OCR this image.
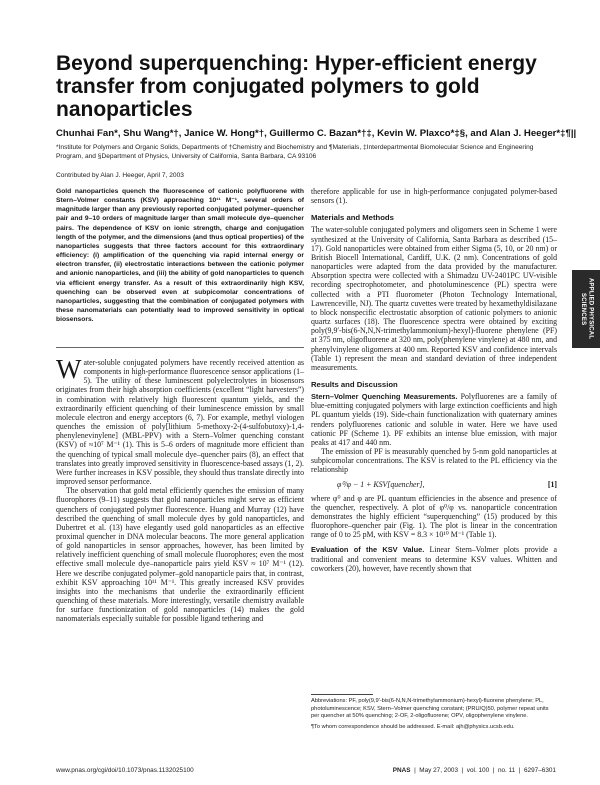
Beyond superquenching: Hyper-efficient energy transfer from conjugated polymers to gold nanoparticles
Chunhai Fan*, Shu Wang*†, Janice W. Hong*†, Guillermo C. Bazan*†‡, Kevin W. Plaxco*‡§, and Alan J. Heeger*‡¶||
*Institute for Polymers and Organic Solids, Departments of †Chemistry and Biochemistry and ¶Materials, ‡Interdepartmental Biomolecular Science and Engineering Program, and §Department of Physics, University of California, Santa Barbara, CA 93106
Contributed by Alan J. Heeger, April 7, 2003
Gold nanoparticles quench the fluorescence of cationic polyfluorene with Stern–Volmer constants (KSV) approaching 10¹¹ M⁻¹, several orders of magnitude larger than any previously reported conjugated polymer–quencher pair and 9–10 orders of magnitude larger than small molecule dye–quencher pairs. The dependence of KSV on ionic strength, charge and conjugation length of the polymer, and the dimensions (and thus optical properties) of the nanoparticles suggests that three factors account for this extraordinary efficiency: (i) amplification of the quenching via rapid internal energy or electron transfer, (ii) electrostatic interactions between the cationic polymer and anionic nanoparticles, and (iii) the ability of gold nanoparticles to quench via efficient energy transfer. As a result of this extraordinarily high KSV, quenching can be observed even at subpicomolar concentrations of nanoparticles, suggesting that the combination of conjugated polymers with these nanomaterials can potentially lead to improved sensitivity in optical biosensors.

Water-soluble conjugated polymers have recently received attention as components in high-performance fluorescence sensor applications (1–5). The utility of these luminescent polyelectrolytes in biosensors originates from their high absorption coefficients (excellent “light harvesters”) in combination with relatively high fluorescent quantum yields, and the extraordinarily efficient quenching of their luminescence emission by small molecule electron and energy acceptors (6, 7). For example, methyl viologen quenches the emission of poly[lithium 5-methoxy-2-(4-sulfobutoxy)-1,4-phenylenevinylene] (MBL-PPV) with a Stern–Volmer quenching constant (KSV) of ≈10⁷ M⁻¹ (1). This is 5–6 orders of magnitude more efficient than the quenching of typical small molecule dye–quencher pairs (8), an effect that translates into greatly improved sensitivity in fluorescence-based assays (1, 2). Were further increases in KSV possible, they should thus translate directly into improved sensor performance.

The observation that gold metal efficiently quenches the emission of many fluorophores (9–11) suggests that gold nanoparticles might serve as efficient quenchers of conjugated polymer fluorescence. Huang and Murray (12) have described the quenching of small molecule dyes by gold nanoparticles, and Dubertret et al. (13) have elegantly used gold nanoparticles as an effective proximal quencher in DNA molecular beacons. The more general application of gold nanoparticles in sensor approaches, however, has been limited by relatively inefficient quenching of small molecule fluorophores; even the most effective small molecule dye–nanoparticle pairs yield KSV ≈ 10⁷ M⁻¹ (12). Here we describe conjugated polymer–gold nanoparticle pairs that, in contrast, exhibit KSV approaching 10¹¹ M⁻¹. This greatly increased KSV provides insights into the mechanisms that underlie the extraordinarily efficient quenching of these materials. More interestingly, versatile chemistry available for surface functionization of gold nanoparticles (14) makes the gold nanomaterials especially suitable for possible ligand tethering and

therefore applicable for use in high-performance conjugated polymer-based sensors (1).

Materials and Methods

The water-soluble conjugated polymers and oligomers seen in Scheme 1 were synthesized at the University of California, Santa Barbara as described (15–17). Gold nanoparticles were obtained from either Sigma (5, 10, or 20 nm) or British Biocell International, Cardiff, U.K. (2 nm). Concentrations of gold nanoparticles were adapted from the data provided by the manufacturer. Absorption spectra were collected with a Shimadzu UV-2401PC UV-visible recording spectrophotometer, and photoluminescence (PL) spectra were collected with a PTI fluorometer (Photon Technology International, Lawrenceville, NJ). The quartz cuvettes were treated by hexamethyldisilazane to block nonspecific electrostatic absorption of cationic polymers to anionic quartz surfaces (18). The fluorescence spectra were obtained by exciting poly(9,9′-bis(6-N,N,N-trimethylammonium)-hexyl)-fluorene phenylene (PF) at 375 nm, oligofluorene at 320 nm, poly(phenylene vinylene) at 480 nm, and phenylvinylene oligomers at 400 nm. Reported KSV and confidence intervals (Table 1) represent the mean and standard deviation of three independent measurements.

Results and Discussion

Stern–Volmer Quenching Measurements. Polyfluorenes are a family of blue-emitting conjugated polymers with large extinction coefficients and high PL quantum yields (19). Side-chain functionalization with quaternary amines renders polyfluorenes cationic and soluble in water. Here we have used cationic PF (Scheme 1). PF exhibits an intense blue emission, with major peaks at 417 and 440 nm.

The emission of PF is measurably quenched by 5-nm gold nanoparticles at subpicomolar concentrations. The KSV is related to the PL efficiency via the relationship

φ⁰/φ − 1 + KSV[quencher],	[1]

where φ⁰ and φ are PL quantum efficiencies in the absence and presence of the quencher, respectively. A plot of φ⁰/φ vs. nanoparticle concentration demonstrates the highly efficient “superquenching” (15) produced by this fluorophore–quencher pair (Fig. 1). The plot is linear in the concentration range of 0 to 25 pM, with KSV = 8.3 × 10¹⁰ M⁻¹ (Table 1).

Evaluation of the KSV Value. Linear Stern–Volmer plots provide a traditional and convenient means to determine KSV values. Whitten and coworkers (20), however, have recently shown that

Abbreviations: PF, poly(9,9′-bis(6-N,N,N-trimethylammonium)-hexyl)-fluorene phenylene; PL, photoluminescence; KSV, Stern–Volmer quenching constant; (PRU/Q)50, polymer repeat units per quencher at 50% quenching; 2-OF, 2-oligofluorene; OPV, oligophenylene vinylene.

¶To whom correspondence should be addressed. E-mail: ajh@physics.ucsb.edu.

www.pnas.org/cgi/doi/10.1073/pnas.1132025100	PNAS  |  May 27, 2003  |  vol. 100  |  no. 11  |  6297–6301
APPLIED PHYSICAL SCIENCES
